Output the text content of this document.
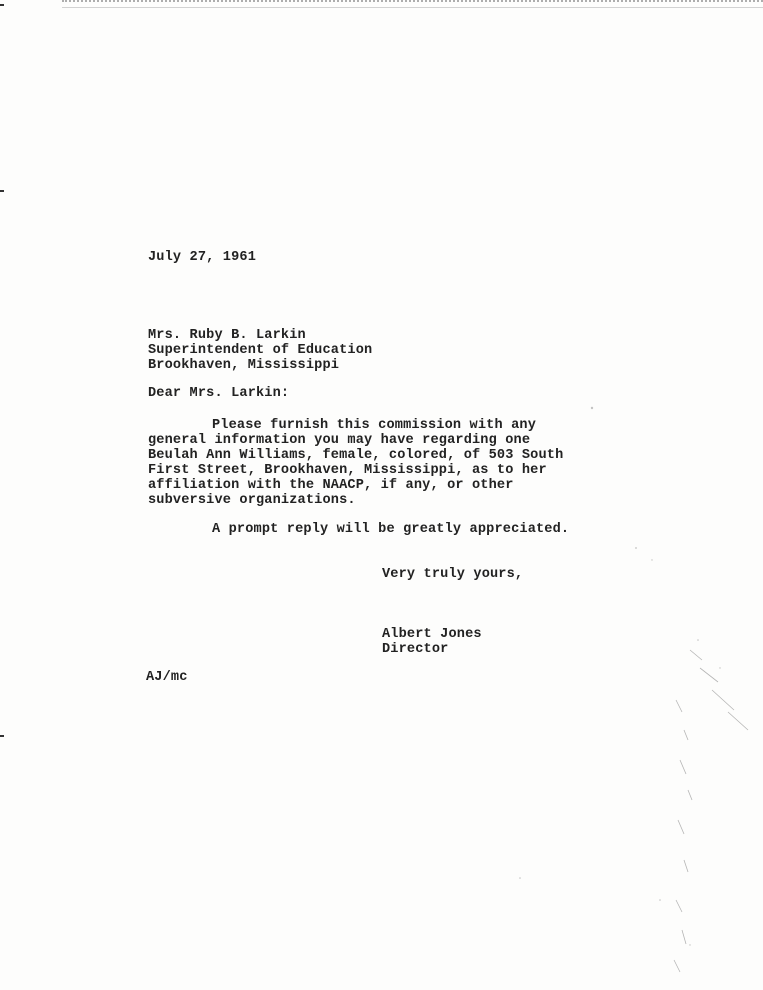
July 27, 1961
Mrs. Ruby B. Larkin
Superintendent of Education
Brookhaven, Mississippi
Dear Mrs. Larkin:
Please furnish this commission with any
general information you may have regarding one
Beulah Ann Williams, female, colored, of 503 South
First Street, Brookhaven, Mississippi, as to her
affiliation with the NAACP, if any, or other
subversive organizations.
A prompt reply will be greatly appreciated.
Very truly yours,
Albert Jones
Director
AJ/mc
